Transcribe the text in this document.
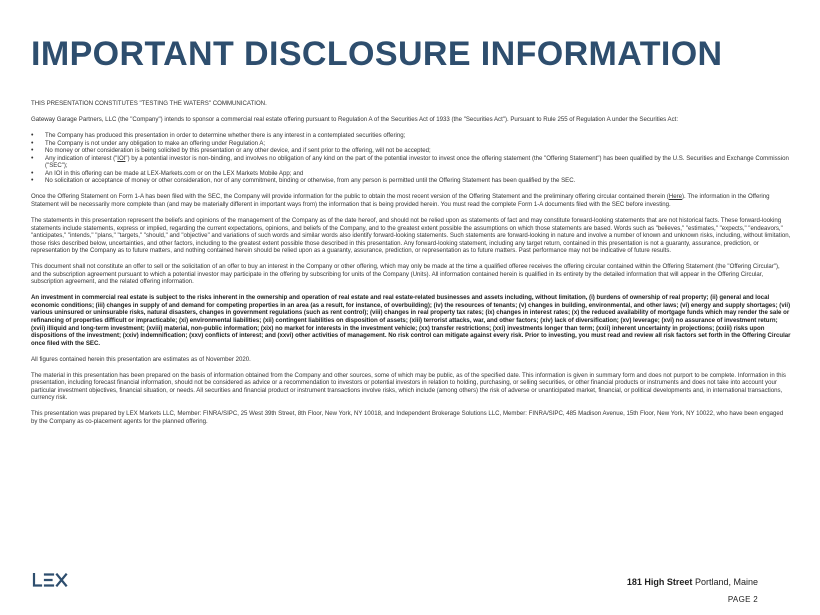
IMPORTANT DISCLOSURE INFORMATION

THIS PRESENTATION CONSTITUTES "TESTING THE WATERS" COMMUNICATION.

Gateway Garage Partners, LLC (the "Company") intends to sponsor a commercial real estate offering pursuant to Regulation A of the Securities Act of 1933 (the "Securities Act"). Pursuant to Rule 255 of Regulation A under the Securities Act:

• The Company has produced this presentation in order to determine whether there is any interest in a contemplated securities offering;
• The Company is not under any obligation to make an offering under Regulation A;
• No money or other consideration is being solicited by this presentation or any other device, and if sent prior to the offering, will not be accepted;
• Any indication of interest ("IOI") by a potential investor is non-binding, and involves no obligation of any kind on the part of the potential investor to invest once the offering statement (the "Offering Statement") has been qualified by the U.S. Securities and Exchange Commission ("SEC");
• An IOI in this offering can be made at LEX-Markets.com or on the LEX Markets Mobile App; and
• No solicitation or acceptance of money or other consideration, nor of any commitment, binding or otherwise, from any person is permitted until the Offering Statement has been qualified by the SEC.

Once the Offering Statement on Form 1-A has been filed with the SEC, the Company will provide information for the public to obtain the most recent version of the Offering Statement and the preliminary offering circular contained therein (Here). The information in the Offering Statement will be necessarily more complete than (and may be materially different in important ways from) the information that is being provided herein. You must read the complete Form 1-A documents filed with the SEC before investing.

The statements in this presentation represent the beliefs and opinions of the management of the Company as of the date hereof, and should not be relied upon as statements of fact and may constitute forward-looking statements that are not historical facts. These forward-looking statements include statements, express or implied, regarding the current expectations, opinions, and beliefs of the Company, and to the greatest extent possible the assumptions on which those statements are based. Words such as "believes," "estimates," "expects," "endeavors," "anticipates," "intends," "plans," "targets," "should," and "objective" and variations of such words and similar words also identify forward-looking statements. Such statements are forward-looking in nature and involve a number of known and unknown risks, including, without limitation, those risks described below, uncertainties, and other factors, including to the greatest extent possible those described in this presentation. Any forward-looking statement, including any target return, contained in this presentation is not a guaranty, assurance, prediction, or representation by the Company as to future matters, and nothing contained herein should be relied upon as a guaranty, assurance, prediction, or representation as to future matters. Past performance may not be indicative of future results.

This document shall not constitute an offer to sell or the solicitation of an offer to buy an interest in the Company or other offering, which may only be made at the time a qualified offeree receives the offering circular contained within the Offering Statement (the "Offering Circular"), and the subscription agreement pursuant to which a potential investor may participate in the offering by subscribing for units of the Company (Units). All information contained herein is qualified in its entirety by the detailed information that will appear in the Offering Circular, subscription agreement, and the related offering information.

An investment in commercial real estate is subject to the risks inherent in the ownership and operation of real estate and real estate-related businesses and assets including, without limitation, (i) burdens of ownership of real property; (ii) general and local economic conditions; (iii) changes in supply of and demand for competing properties in an area (as a result, for instance, of overbuilding); (iv) the resources of tenants; (v) changes in building, environmental, and other laws; (vi) energy and supply shortages; (vii) various uninsured or uninsurable risks, natural disasters, changes in government regulations (such as rent control); (viii) changes in real property tax rates; (ix) changes in interest rates; (x) the reduced availability of mortgage funds which may render the sale or refinancing of properties difficult or impracticable; (xi) environmental liabilities; (xii) contingent liabilities on disposition of assets; (xiii) terrorist attacks, war, and other factors; (xiv) lack of diversification; (xv) leverage; (xvi) no assurance of investment return; (xvii) illiquid and long-term investment; (xviii) material, non-public information; (xix) no market for interests in the investment vehicle; (xx) transfer restrictions; (xxi) investments longer than term; (xxii) inherent uncertainty in projections; (xxiii) risks upon dispositions of the investment; (xxiv) indemnification; (xxv) conflicts of interest; and (xxvi) other activities of management. No risk control can mitigate against every risk. Prior to investing, you must read and review all risk factors set forth in the Offering Circular once filed with the SEC.

All figures contained herein this presentation are estimates as of November 2020.

The material in this presentation has been prepared on the basis of information obtained from the Company and other sources, some of which may be public, as of the specified date. This information is given in summary form and does not purport to be complete. Information in this presentation, including forecast financial information, should not be considered as advice or a recommendation to investors or potential investors in relation to holding, purchasing, or selling securities, or other financial products or instruments and does not take into account your particular investment objectives, financial situation, or needs. All securities and financial product or instrument transactions involve risks, which include (among others) the risk of adverse or unanticipated market, financial, or political developments and, in international transactions, currency risk.

This presentation was prepared by LEX Markets LLC, Member: FINRA/SIPC, 25 West 39th Street, 8th Floor, New York, NY 10018, and Independent Brokerage Solutions LLC, Member: FINRA/SIPC, 485 Madison Avenue, 15th Floor, New York, NY 10022, who have been engaged by the Company as co-placement agents for the planned offering.

181 High Street Portland, Maine
PAGE 2
